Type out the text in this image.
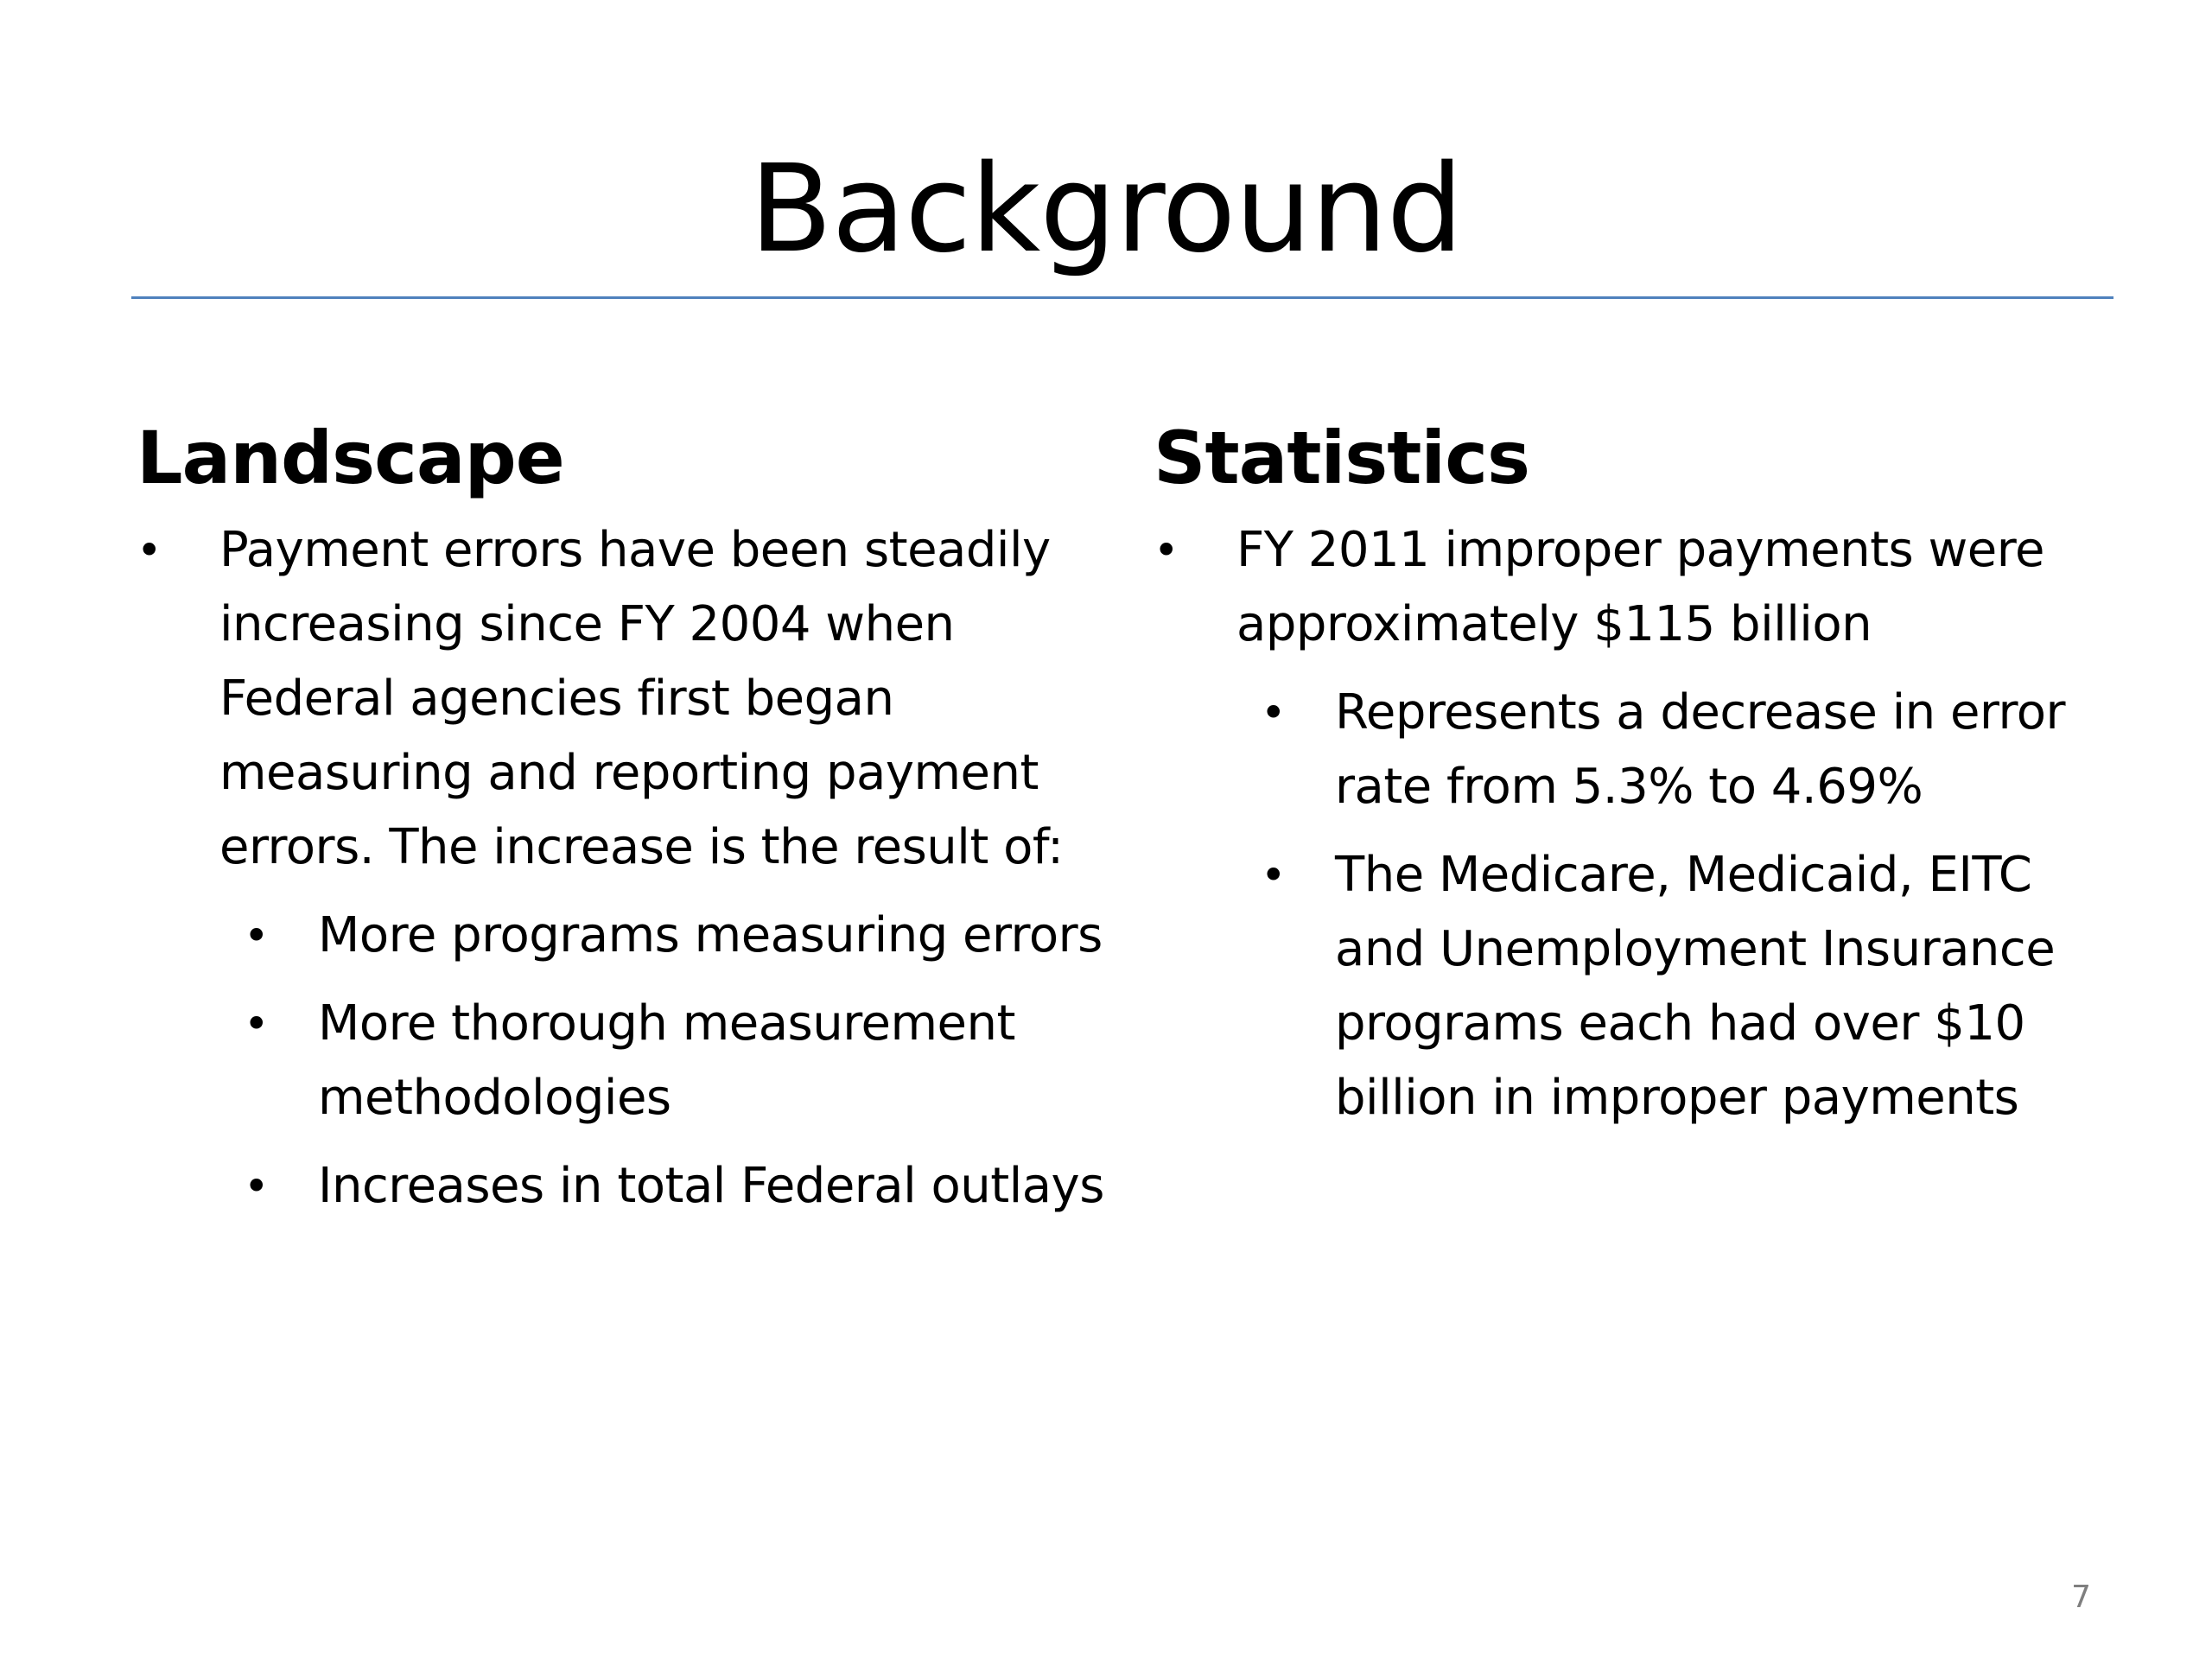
Background
Landscape
• Payment errors have been steadily increasing since FY 2004 when Federal agencies first began measuring and reporting payment errors. The increase is the result of:
• More programs measuring errors
• More thorough measurement methodologies
• Increases in total Federal outlays
Statistics
• FY 2011 improper payments were approximately $115 billion
• Represents a decrease in error rate from 5.3% to 4.69%
• The Medicare, Medicaid, EITC and Unemployment Insurance programs each had over $10 billion in improper payments
7
